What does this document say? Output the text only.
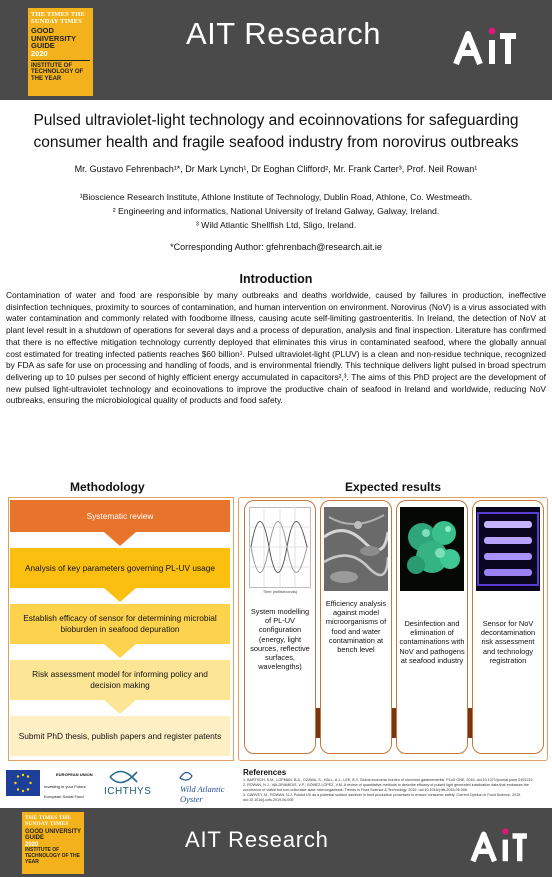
THE TIMES THE SUNDAY TIMES
GOOD UNIVERSITY GUIDE
2020
INSTITUTE OF TECHNOLOGY OF THE YEAR
AIT Research
Pulsed ultraviolet-light technology and ecoinnovations for safeguarding
consumer health and fragile seafood industry from norovirus outbreaks
Mr. Gustavo Fehrenbach¹*, Dr Mark Lynch¹, Dr Eoghan Clifford², Mr. Frank Carter³, Prof. Neil Rowan¹
¹Bioscience Research Institute, Athlone Institute of Technology, Dublin Road, Athlone, Co. Westmeath.
² Engineering and informatics, National University of Ireland Galway, Galway, Ireland.
³ Wild Atlantic Shellfish Ltd, Sligo, Ireland.
*Corresponding Author: gfehrenbach@research.ait.ie
Introduction
Contamination of water and food are responsible by many outbreaks and deaths worldwide, caused by failures in production, ineffective disinfection techniques, proximity to sources of contamination, and human intervention on environment. Norovirus (NoV) is a virus associated with water contamination and commonly related with foodborne illness, causing acute self-limiting gastroenteritis. In Ireland, the detection of NoV at plant level result in a shutdown of operations for several days and a process of depuration, analysis and final inspection. Literature has confirmed that there is no effective mitigation technology currently deployed that eliminates this virus in contaminated seafood, where the globally annual cost estimated for treating infected patients reaches $60 billion¹. Pulsed ultraviolet-light (PLUV) is a clean and non-residue technique, recognized by FDA as safe for use on processing and handling of foods, and is environmental friendly. This technique delivers light pulsed in broad spectrum delivering up to 10 pulses per second of highly efficient energy accumulated in capacitors²,³. The aims of this PhD project are the development of new pulsed light-ultraviolet technology and ecoinovations to improve the productive chain of seafood in Ireland and worldwide, reducing NoV outbreaks, ensuring the microbiological quality of products and food safety.
Methodology
Systematic review
Analysis of key parameters governing PL-UV usage
Establish efficacy of sensor for determining microbial bioburden in seafood depuration
Risk assessment model for informing policy and decision making
Submit PhD thesis, publish papers and register patents
Expected results
Time (milliseconds)
System modelling of PL-UV configuration (energy, light sources, reflective surfaces, wavelengths)
Efficiency analysis against model microorganisms of food and water contamination at bench level
Desinfection and elimination of contaminations with NoV and pathogens at seafood industry
Sensor for NoV decontamination risk assessment and technology registration
EUROPEAN UNION
Investing in your Future
European Social Fund ICHTHYS	Wild Atlantic Oyster
References
1. BARTSCH, S.M., LOPMAN, B.A., OZAWA, S., HALL, A.J., LEE, B.Y. Global economic burden of norovirus gastroenteritis. PLoS ONE, 2016. doi:10.1371/journal.pone.0151219
2. ROWAN, N.J., VALDRAMIDIS, V.P., GÓMEZ-LÓPEZ, V.M. A review of quantitative methods to describe efficacy of pulsed light generated inactivation data that embraces the occurrence of viable but non-culturable state microorganisms. Trends in Food Science & Technology, 2015. doi:10.1016/j.tifs.2015.05.006
3. GARVEY, M., ROWAN, N.J. Pulsed UV as a potential surface sanitizer in food production processes to ensure consumer safety. Current Opinion in Food Science, 2019. doi:10.1016/j.cofs.2019.06.005
THE TIMES THE SUNDAY TIMES
GOOD UNIVERSITY GUIDE
2020
INSTITUTE OF TECHNOLOGY OF THE YEAR
AIT Research
